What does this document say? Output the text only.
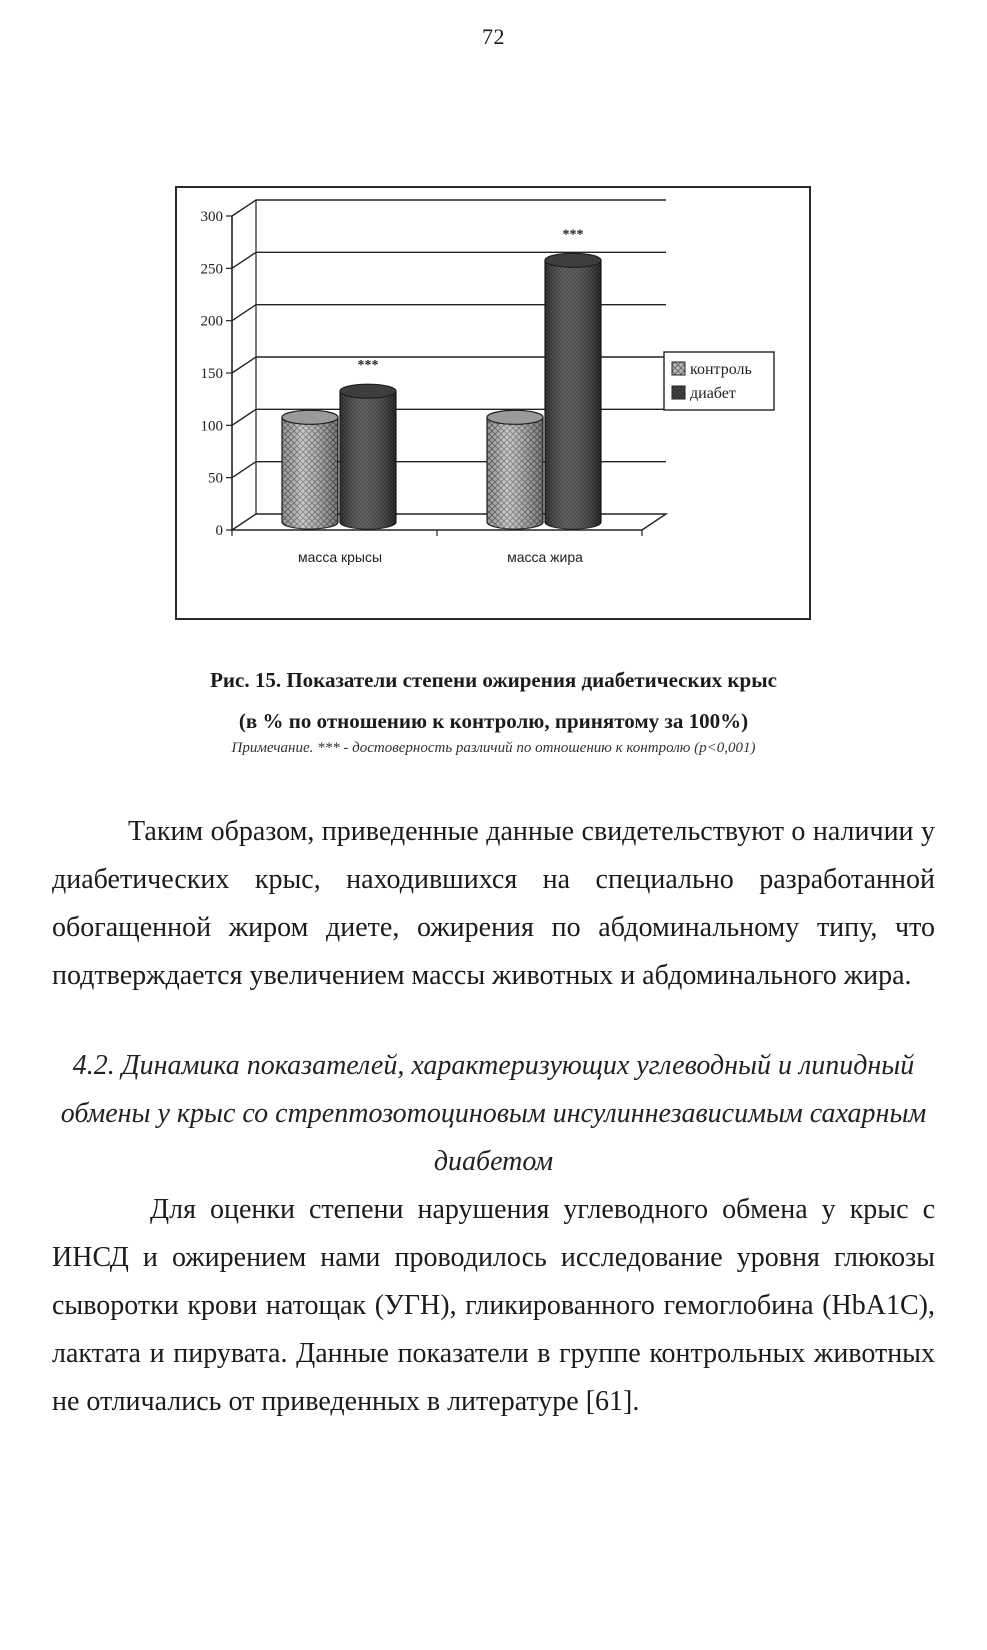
72
0
50
100
150
200
250
300
***
***
масса крысы	масса жира
контроль
диабет
Рис. 15. Показатели степени ожирения диабетических крыс
(в % по отношению к контролю, принятому за 100%)
Примечание. *** - достоверность различий по отношению к контролю (p<0,001)
Таким образом, приведенные данные свидетельствуют о наличии у диабетических крыс, находившихся на специально разработанной обогащенной жиром диете, ожирения по абдоминальному типу, что подтверждается увеличением массы животных и абдоминального жира.
4.2. Динамика показателей, характеризующих углеводный и липидный обмены у крыс со стрептозотоциновым инсулиннезависимым сахарным диабетом
Для оценки степени нарушения углеводного обмена у крыс с ИНСД и ожирением нами проводилось исследование уровня глюкозы сыворотки крови натощак (УГН), гликированного гемоглобина (HbA1C), лактата и пирувата. Данные показатели в группе контрольных животных не отличались от приведенных в литературе [61].
